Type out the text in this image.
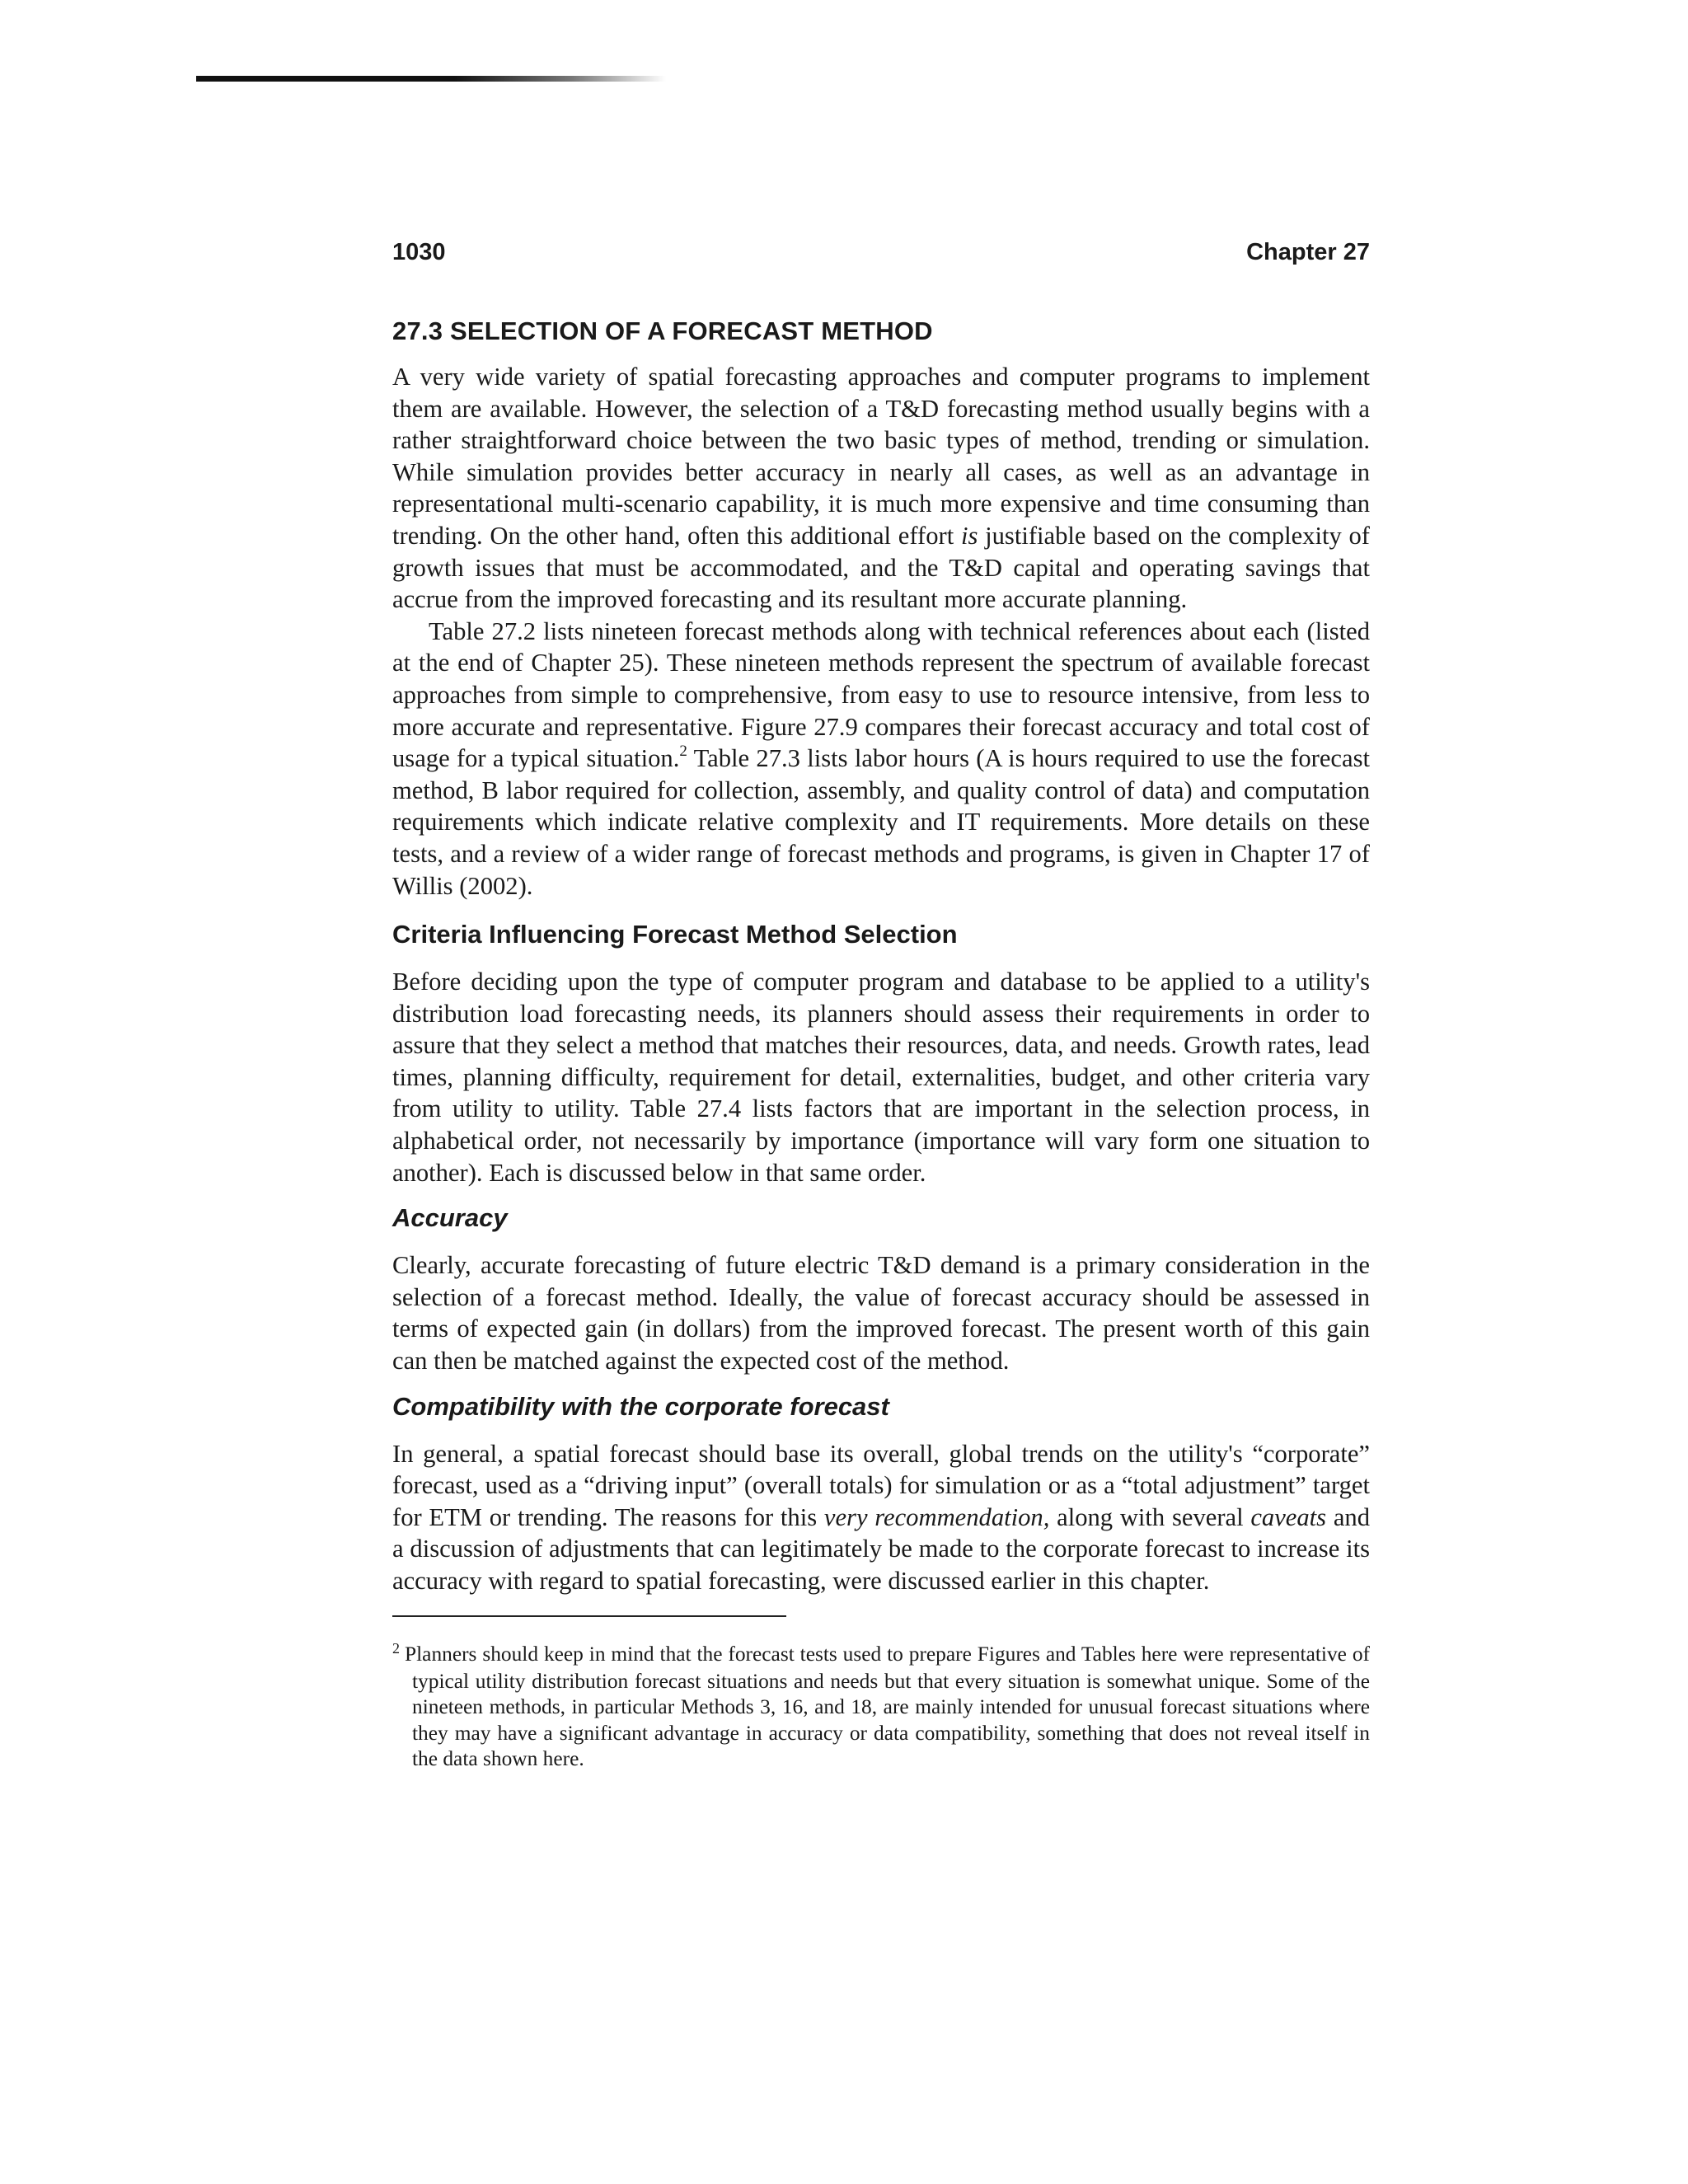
1030	Chapter 27
27.3 SELECTION OF A FORECAST METHOD

A very wide variety of spatial forecasting approaches and computer programs to implement them are available. However, the selection of a T&D forecasting method usually begins with a rather straightforward choice between the two basic types of method, trending or simulation. While simulation provides better accuracy in nearly all cases, as well as an advantage in representational multi-scenario capability, it is much more expensive and time consuming than trending. On the other hand, often this additional effort is justifiable based on the complexity of growth issues that must be accommodated, and the T&D capital and operating savings that accrue from the improved forecasting and its resultant more accurate planning.

Table 27.2 lists nineteen forecast methods along with technical references about each (listed at the end of Chapter 25). These nineteen methods represent the spectrum of available forecast approaches from simple to comprehensive, from easy to use to resource intensive, from less to more accurate and representative. Figure 27.9 compares their forecast accuracy and total cost of usage for a typical situation.$^2$ Table 27.3 lists labor hours (A is hours required to use the forecast method, B labor required for collection, assembly, and quality control of data) and computation requirements which indicate relative complexity and IT requirements. More details on these tests, and a review of a wider range of forecast methods and programs, is given in Chapter 17 of Willis (2002).

Criteria Influencing Forecast Method Selection

Before deciding upon the type of computer program and database to be applied to a utility's distribution load forecasting needs, its planners should assess their requirements in order to assure that they select a method that matches their resources, data, and needs. Growth rates, lead times, planning difficulty, requirement for detail, externalities, budget, and other criteria vary from utility to utility. Table 27.4 lists factors that are important in the selection process, in alphabetical order, not necessarily by importance (importance will vary form one situation to another). Each is discussed below in that same order.

Accuracy

Clearly, accurate forecasting of future electric T&D demand is a primary consideration in the selection of a forecast method. Ideally, the value of forecast accuracy should be assessed in terms of expected gain (in dollars) from the improved forecast. The present worth of this gain can then be matched against the expected cost of the method.

Compatibility with the corporate forecast

In general, a spatial forecast should base its overall, global trends on the utility's “corporate” forecast, used as a “driving input” (overall totals) for simulation or as a “total adjustment” target for ETM or trending. The reasons for this very recommendation, along with several caveats and a discussion of adjustments that can legitimately be made to the corporate forecast to increase its accuracy with regard to spatial forecasting, were discussed earlier in this chapter.

$^2$ Planners should keep in mind that the forecast tests used to prepare Figures and Tables here were representative of typical utility distribution forecast situations and needs but that every situation is somewhat unique. Some of the nineteen methods, in particular Methods 3, 16, and 18, are mainly intended for unusual forecast situations where they may have a significant advantage in accuracy or data compatibility, something that does not reveal itself in the data shown here.
